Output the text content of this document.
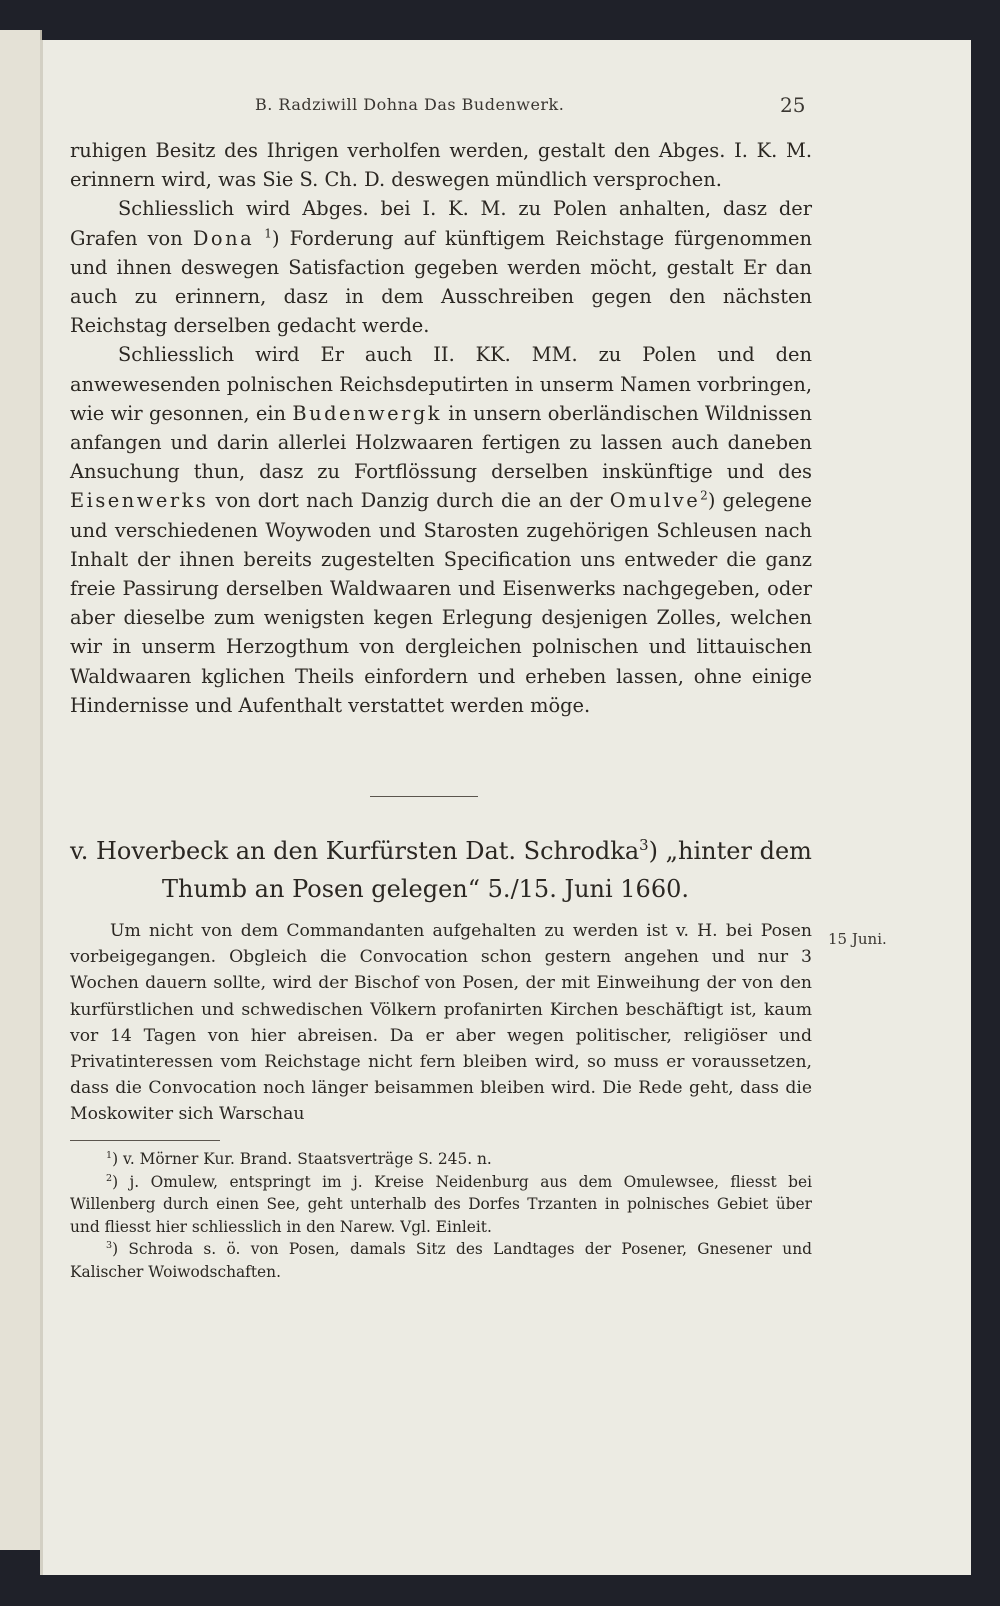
B. Radziwill Dohna Das Budenwerk.	25

ruhigen Besitz des Ihrigen verholfen werden, gestalt den Abges. I. K. M. erinnern wird, was Sie S. Ch. D. deswegen mündlich versprochen.

Schliesslich wird Abges. bei I. K. M. zu Polen anhalten, dasz der Grafen von Dona $^1$) Forderung auf künftigem Reichstage fürgenommen und ihnen deswegen Satisfaction gegeben werden möcht, gestalt Er dan auch zu erinnern, dasz in dem Ausschreiben gegen den nächsten Reichstag derselben gedacht werde.

Schliesslich wird Er auch II. KK. MM. zu Polen und den anwewesenden polnischen Reichsdeputirten in unserm Namen vorbringen, wie wir gesonnen, ein Budenwergk in unsern oberländischen Wildnissen anfangen und darin allerlei Holzwaaren fertigen zu lassen auch daneben Ansuchung thun, dasz zu Fortflössung derselben inskünftige und des Eisenwerks von dort nach Danzig durch die an der Omulve$^2$) gelegene und verschiedenen Woywoden und Starosten zugehörigen Schleusen nach Inhalt der ihnen bereits zugestelten Specification uns entweder die ganz freie Passirung derselben Waldwaaren und Eisenwerks nachgegeben, oder aber dieselbe zum wenigsten kegen Erlegung desjenigen Zolles, welchen wir in unserm Herzogthum von dergleichen polnischen und littauischen Waldwaaren kglichen Theils einfordern und erheben lassen, ohne einige Hindernisse und Aufenthalt verstattet werden möge.

v. Hoverbeck an den Kurfürsten Dat. Schrodka$^3$) „hinter dem
Thumb an Posen gelegen“ 5./15. Juni 1660.

Um nicht von dem Commandanten aufgehalten zu werden ist v. H. bei Posen vorbeigegangen. Obgleich die Convocation schon gestern angehen und nur 3 Wochen dauern sollte, wird der Bischof von Posen, der mit Einweihung der von den kurfürstlichen und schwedischen Völkern profanirten Kirchen beschäftigt ist, kaum vor 14 Tagen von hier abreisen. Da er aber wegen politischer, religiöser und Privatinteressen vom Reichstage nicht fern bleiben wird, so muss er voraussetzen, dass die Convocation noch länger beisammen bleiben wird. Die Rede geht, dass die Moskowiter sich Warschau

15 Juni.

$^1$) v. Mörner Kur. Brand. Staatsverträge S. 245. n.

$^2$) j. Omulew, entspringt im j. Kreise Neidenburg aus dem Omulewsee, fliesst bei Willenberg durch einen See, geht unterhalb des Dorfes Trzanten in polnisches Gebiet über und fliesst hier schliesslich in den Narew. Vgl. Einleit.

$^3$) Schroda s. ö. von Posen, damals Sitz des Landtages der Posener, Gnesener und Kalischer Woiwodschaften.
